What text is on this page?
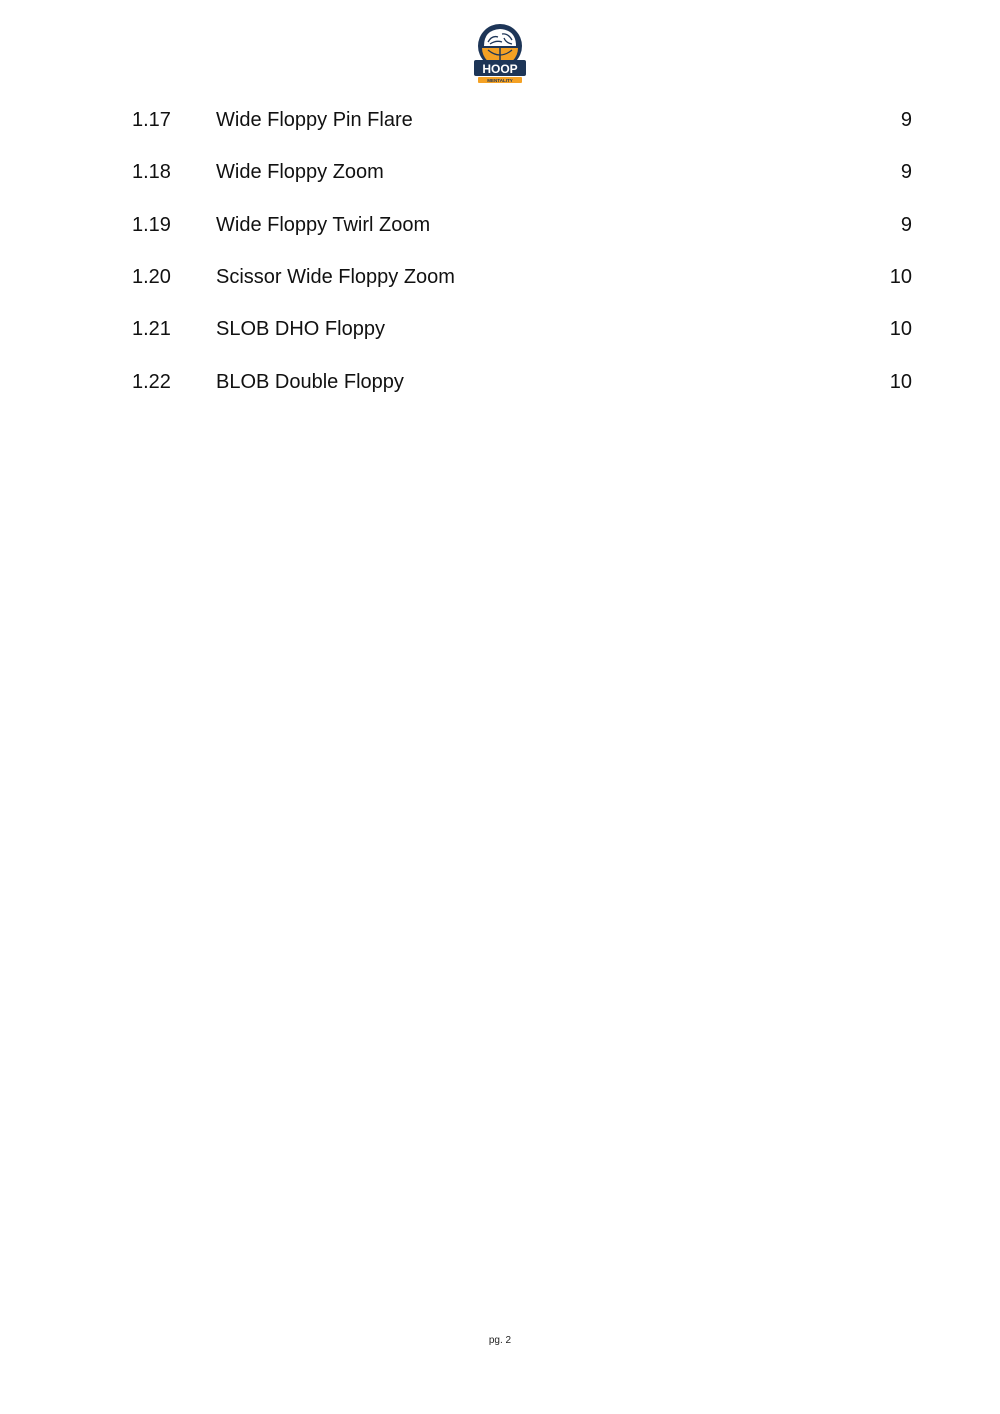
HOOP
MENTALITY
1.17 Wide Floppy Pin Flare	9
1.18 Wide Floppy Zoom	9
1.19 Wide Floppy Twirl Zoom	9
1.20 Scissor Wide Floppy Zoom	10
1.21 SLOB DHO Floppy	10
1.22 BLOB Double Floppy	10
pg. 2
